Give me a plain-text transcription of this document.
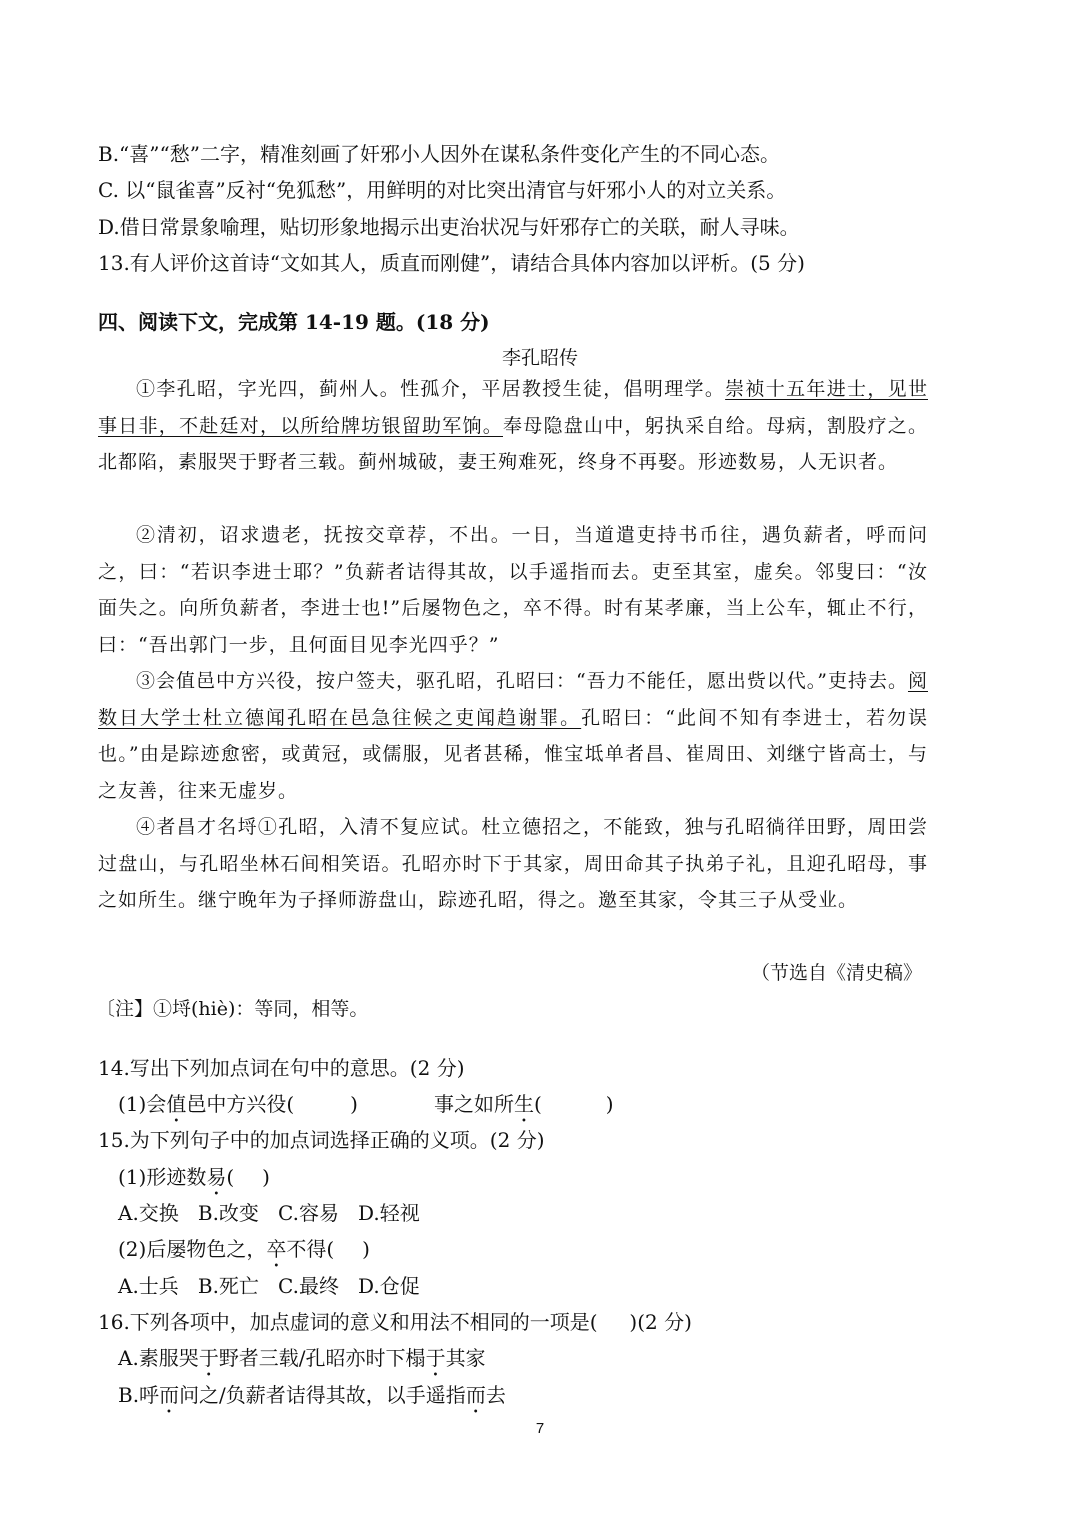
B.“喜”“愁”二字，精准刻画了奸邪小人因外在谋私条件变化产生的不同心态。

C. 以“鼠雀喜”反衬“免狐愁”，用鲜明的对比突出清官与奸邪小人的对立关系。

D.借日常景象喻理，贴切形象地揭示出吏治状况与奸邪存亡的关联，耐人寻味。

13.有人评价这首诗“文如其人，质直而刚健”，请结合具体内容加以评析。(5 分)

四、阅读下文，完成第 14-19 题。(18 分)
李孔昭传

①李孔昭，字光四，蓟州人。性孤介，平居教授生徒，倡明理学。崇祯十五年进士，见世事日非，不赴廷对，以所给牌坊银留助军饷。奉母隐盘山中，躬执采自给。母病，割股疗之。北都陷，素服哭于野者三载。蓟州城破，妻王殉难死，终身不再娶。形迹数易，人无识者。

②清初，诏求遗老，抚按交章荐，不出。一日，当道遣吏持书币往，遇负薪者，呼而问之，曰：“若识李进士耶？”负薪者诘得其故，以手遥指而去。吏至其室，虚矣。邻叟曰：“汝面失之。向所负薪者，李进士也!”后屡物色之，卒不得。时有某孝廉，当上公车，辄止不行，曰：“吾出郭门一步，且何面目见李光四乎？”

③会值邑中方兴役，按户签夫，驱孔昭，孔昭曰：“吾力不能任，愿出赀以代。”吏持去。阅数日大学士杜立德闻孔昭在邑急往候之吏闻趋谢罪。孔昭曰：“此间不知有李进士，若勿误也。”由是踪迹愈密，或黄冠，或儒服，见者甚稀，惟宝坻单者昌、崔周田、刘继宁皆高士，与之友善，往来无虚岁。

④者昌才名埒①孔昭，入清不复应试。杜立德招之，不能致，独与孔昭徜徉田野，周田尝过盘山，与孔昭坐林石间相笑语。孔昭亦时下于其家，周田命其子执弟子礼，且迎孔昭母，事之如所生。继宁晚年为子择师游盘山，踪迹孔昭，得之。邀至其家，令其三子从受业。

（节选自《清史稿》
〔注】①埒(hiè)：等同，相等。

14.写出下列加点词在句中的意思。(2 分)

(1)会值邑中方兴役(	)	事之如所生(	)

15.为下列句子中的加点词选择正确的义项。(2 分)

(1)形迹数易( )

A.交换   B.改变   C.容易   D.轻视

(2)后屡物色之，卒不得( )

A.士兵   B.死亡   C.最终   D.仓促

16.下列各项中，加点虚词的意义和用法不相同的一项是(     )(2 分)

A.素服哭于野者三载/孔昭亦时下榻于其家

B.呼而问之/负薪者诘得其故，以手遥指而去

7
